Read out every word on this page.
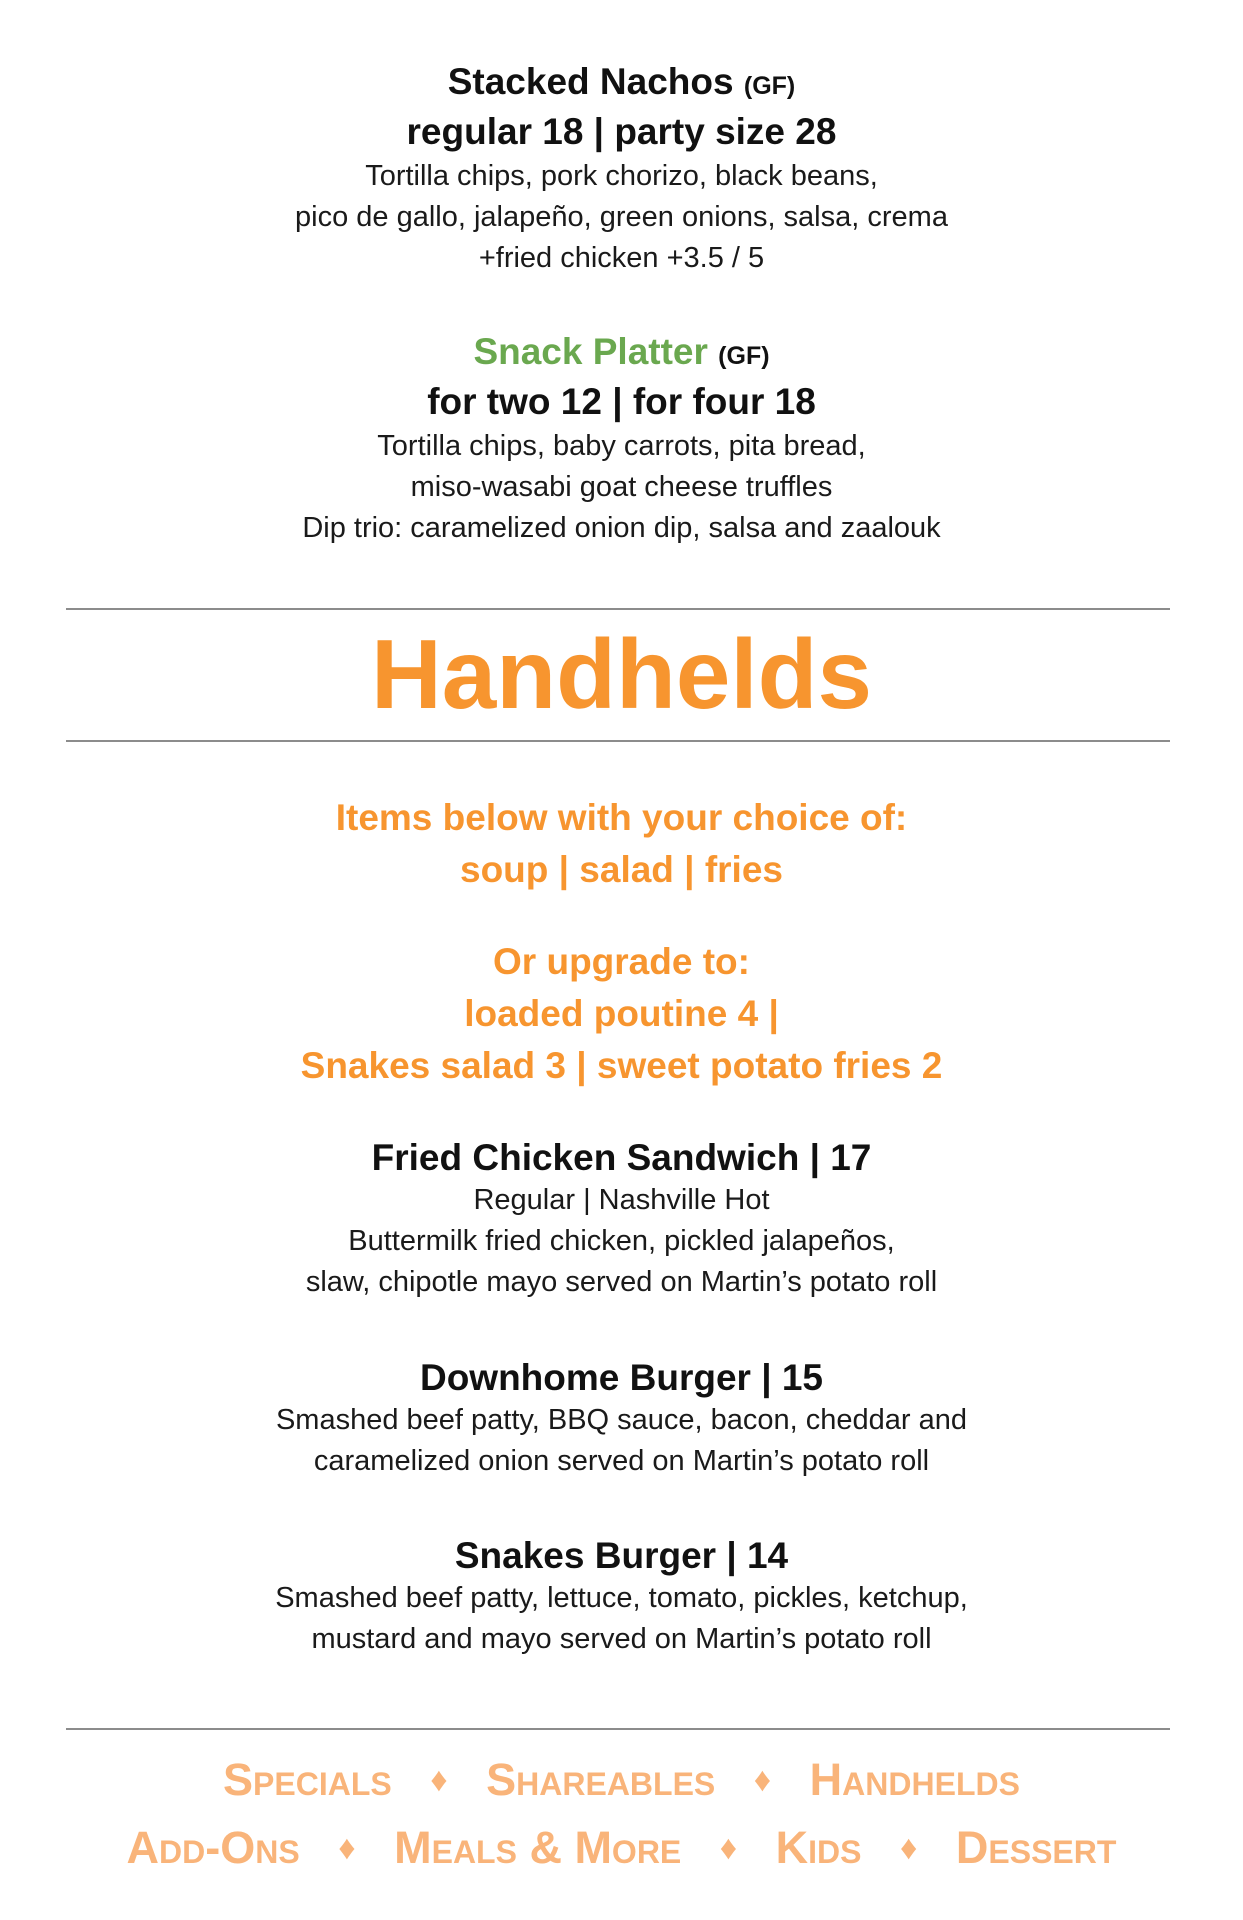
Stacked Nachos (GF)
regular 18 | party size 28
Tortilla chips, pork chorizo, black beans,
pico de gallo, jalapeño, green onions, salsa, crema
+fried chicken +3.5 / 5
Snack Platter (GF)
for two 12 | for four 18
Tortilla chips, baby carrots, pita bread,
miso-wasabi goat cheese truffles
Dip trio: caramelized onion dip, salsa and zaalouk
Handhelds
Items below with your choice of:
soup | salad | fries
Or upgrade to:
loaded poutine 4 |
Snakes salad 3 | sweet potato fries 2
Fried Chicken Sandwich | 17
Regular | Nashville Hot
Buttermilk fried chicken, pickled jalapeños,
slaw, chipotle mayo served on Martin’s potato roll
Downhome Burger | 15
Smashed beef patty, BBQ sauce, bacon, cheddar and
caramelized onion served on Martin’s potato roll
Snakes Burger | 14
Smashed beef patty, lettuce, tomato, pickles, ketchup,
mustard and mayo served on Martin’s potato roll
Specials ♦ Shareables ♦ Handhelds
Add-Ons ♦ Meals & More ♦ Kids ♦ Dessert
